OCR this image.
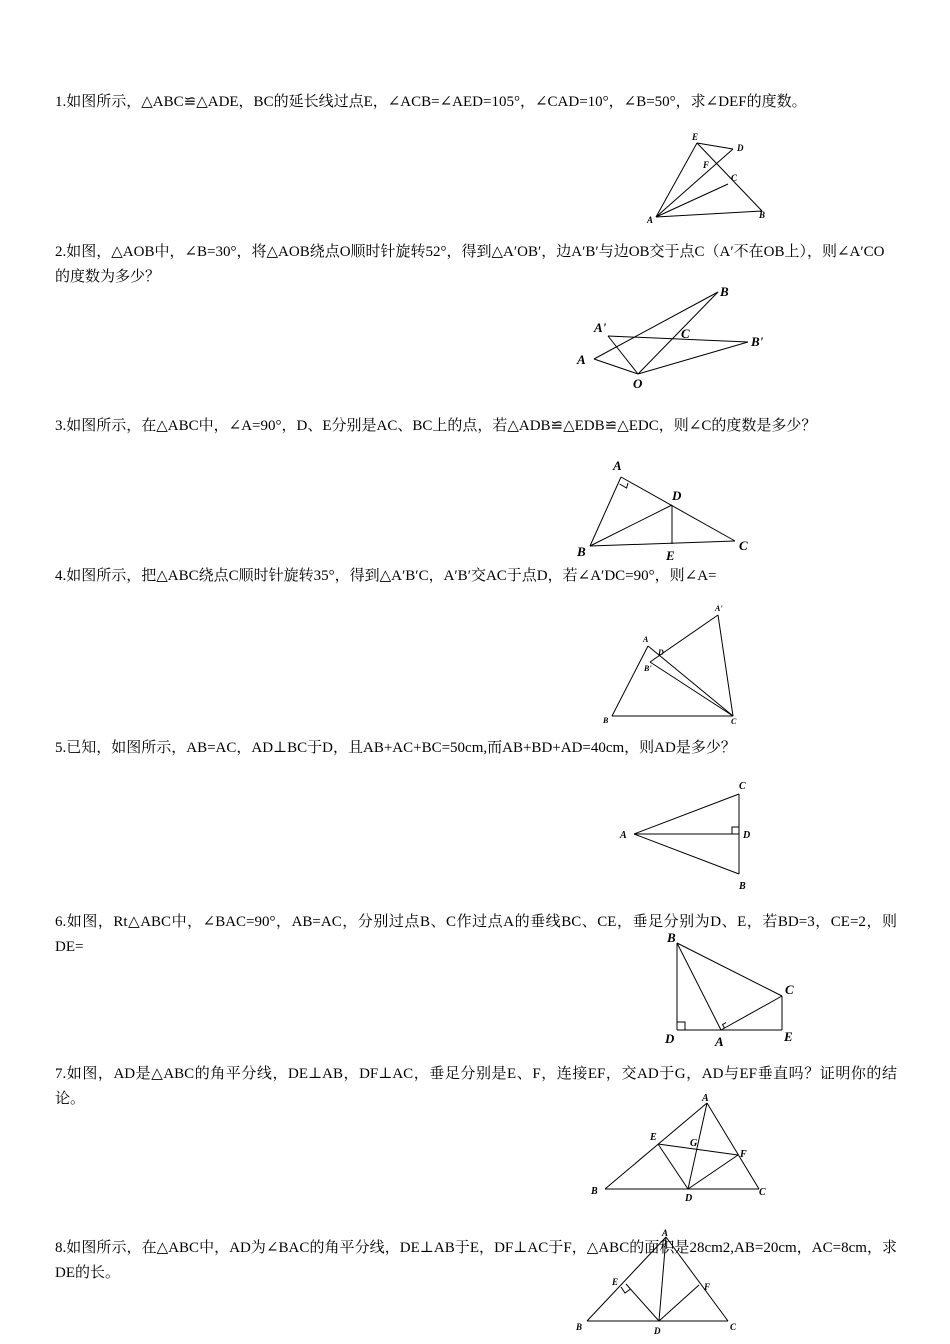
1.如图所示，△ABC≌△ADE，BC的延长线过点E，∠ACB=∠AED=105°，∠CAD=10°，∠B=50°，求∠DEF的度数。
E
D
F
C
A	B
2.如图，△AOB中，∠B=30°，将△AOB绕点O顺时针旋转52°，得到△A′OB′，边A′B′与边OB交于点C（A′不在OB上），则∠A′CO的度数为多少？
B
A'	C
B'
A
O
3.如图所示，在△ABC中，∠A=90°，D、E分别是AC、BC上的点，若△ADB≌△EDB≌△EDC，则∠C的度数是多少？
A
D
B	E
C
4.如图所示，把△ABC绕点C顺时针旋转35°，得到△A′B′C，A′B′交AC于点D，若∠A′DC=90°，则∠A=
A'
A
D
B'
B	C
5.已知，如图所示，AB=AC，AD⊥BC于D，且AB+AC+BC=50cm,而AB+BD+AD=40cm，则AD是多少？
C
A	D
B
6.如图，Rt△ABC中，∠BAC=90°，AB=AC，分别过点B、C作过点A的垂线BC、CE，垂足分别为D、E，若BD=3，CE=2，则DE=
B
C
D	A	E
7.如图，AD是△ABC的角平分线，DE⊥AB，DF⊥AC，垂足分别是E、F，连接EF，交AD于G，AD与EF垂直吗？证明你的结论。	A
E
G
F
B
D
C
8.如图所示，在△ABC中，AD为∠BAC的角平分线，DE⊥AB于E，DF⊥AC于F，△ABC的面积是28cm2,AB=20cm，AC=8cm，求DE的长。
A
E	F
B	D	C
